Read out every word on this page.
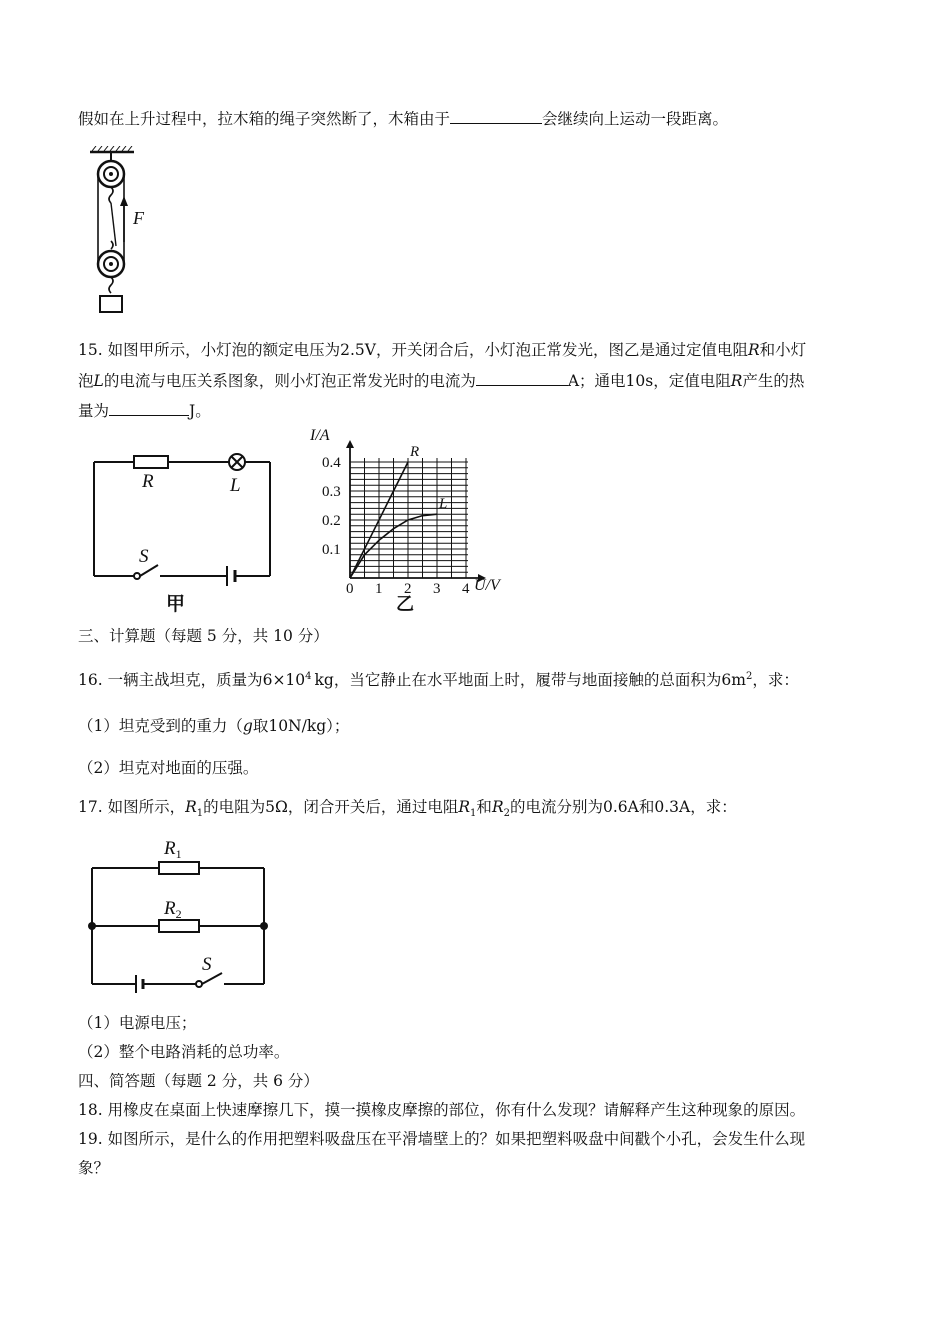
假如在上升过程中，拉木箱的绳子突然断了，木箱由于	会继续向上运动一段距离。
F
15. 如图甲所示，小灯泡的额定电压为2.5V，开关闭合后，小灯泡正常发光，图乙是通过定值电阻R和小灯
泡L的电流与电压关系图象，则小灯泡正常发光时的电流为	A；通电10s，定值电阻R产生的热
量为	J。
R	L
S
甲
0 1 2 3 4
0.1
0.2
0.3
0.4
R
L
I/A
U/V
乙
三、计算题（每题 5 分，共 10 分）
16. 一辆主战坦克，质量为$6\times 10^4$ kg，当它静止在水平地面上时，履带与地面接触的总面积为$6m^2$，求：
（1）坦克受到的重力（g取10N/kg）；
（2）坦克对地面的压强。
17. 如图所示，$R_1$的电阻为5Ω，闭合开关后，通过电阻$R_1$和$R_2$的电流分别为0.6A和0.3A，求：
$R_1$
$R_2$
S
（1）电源电压；
（2）整个电路消耗的总功率。
四、简答题（每题 2 分，共 6 分）
18. 用橡皮在桌面上快速摩擦几下，摸一摸橡皮摩擦的部位，你有什么发现？请解释产生这种现象的原因。
19. 如图所示，是什么的作用把塑料吸盘压在平滑墙壁上的？如果把塑料吸盘中间戳个小孔，会发生什么现
象？
